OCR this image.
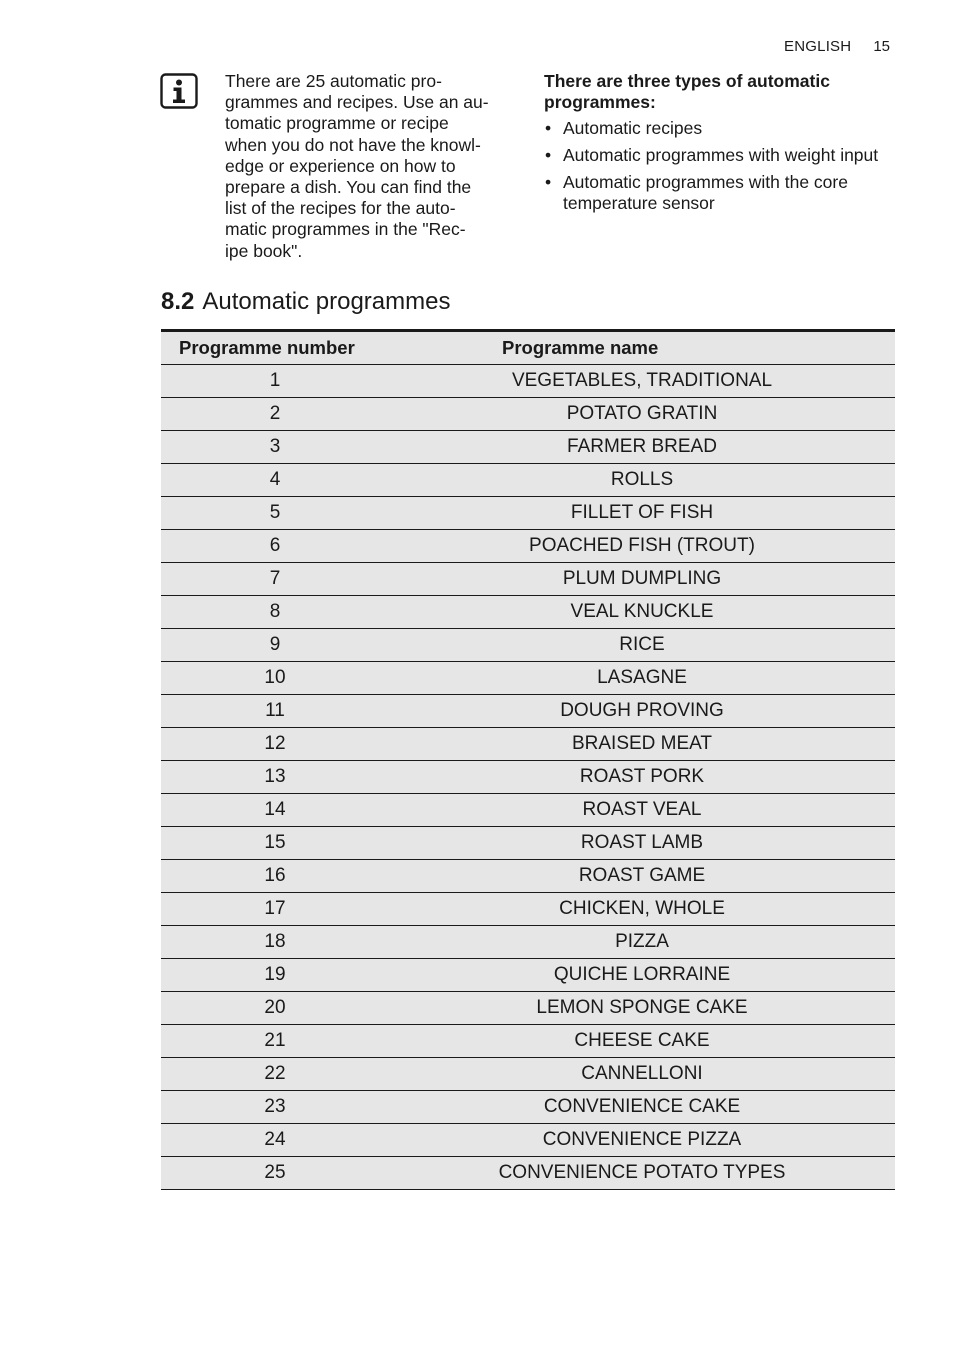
ENGLISH 15

There are 25 automatic pro-
grammes and recipes. Use an au-
tomatic programme or recipe
when you do not have the knowl-
edge or experience on how to
prepare a dish. You can find the
list of the recipes for the auto-
matic programmes in the "Rec-
ipe book".

There are three types of automatic programmes:

• Automatic recipes
• Automatic programmes with weight input
• Automatic programmes with the core temperature sensor
8.2 Automatic programmes
Programme number	Programme name
1	VEGETABLES, TRADITIONAL
2	POTATO GRATIN
3	FARMER BREAD
4	ROLLS
5	FILLET OF FISH
6	POACHED FISH (TROUT)
7	PLUM DUMPLING
8	VEAL KNUCKLE
9	RICE
10	LASAGNE
11	DOUGH PROVING
12	BRAISED MEAT
13	ROAST PORK
14	ROAST VEAL
15	ROAST LAMB
16	ROAST GAME
17	CHICKEN, WHOLE
18	PIZZA
19	QUICHE LORRAINE
20	LEMON SPONGE CAKE
21	CHEESE CAKE
22	CANNELLONI
23	CONVENIENCE CAKE
24	CONVENIENCE PIZZA
25	CONVENIENCE POTATO TYPES
